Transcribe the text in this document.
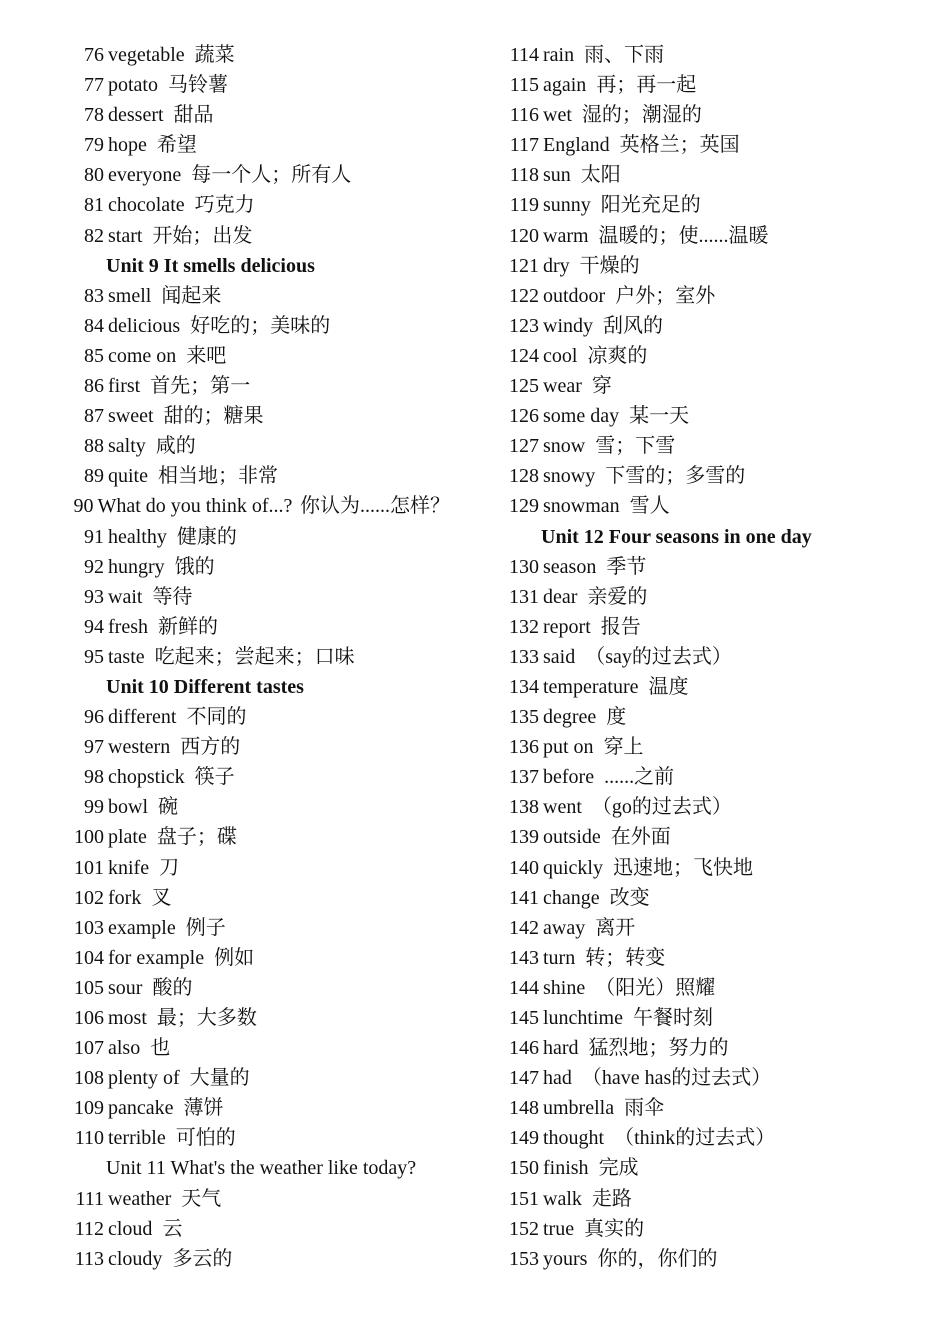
76 vegetable 蔬菜
77 potato 马铃薯
78 dessert 甜品
79 hope 希望
80 everyone 每一个人；所有人
81 chocolate 巧克力
82 start 开始；出发
Unit 9 It smells delicious
83 smell 闻起来
84 delicious 好吃的；美味的
85 come on 来吧
86 first 首先；第一
87 sweet 甜的；糖果
88 salty 咸的
89 quite 相当地；非常
90 What do you think of...? 你认为......怎样？
91 healthy 健康的
92 hungry 饿的
93 wait 等待
94 fresh 新鲜的
95 taste 吃起来；尝起来；口味
Unit 10 Different tastes
96 different 不同的
97 western 西方的
98 chopstick 筷子
99 bowl 碗
100 plate 盘子；碟
101 knife 刀
102 fork 叉
103 example 例子
104 for example 例如
105 sour 酸的
106 most 最；大多数
107 also 也
108 plenty of 大量的
109 pancake 薄饼
110 terrible 可怕的
Unit 11 What's the weather like today?
111 weather 天气
112 cloud 云
113 cloudy 多云的
114 rain 雨、下雨
115 again 再；再一起
116 wet 湿的；潮湿的
117 England 英格兰；英国
118 sun 太阳
119 sunny 阳光充足的
120 warm 温暖的；使......温暖
121 dry 干燥的
122 outdoor 户外；室外
123 windy 刮风的
124 cool 凉爽的
125 wear 穿
126 some day 某一天
127 snow 雪；下雪
128 snowy 下雪的；多雪的
129 snowman 雪人
Unit 12 Four seasons in one day
130 season 季节
131 dear 亲爱的
132 report 报告
133 said （say的过去式）
134 temperature 温度
135 degree 度
136 put on 穿上
137 before ......之前
138 went （go的过去式）
139 outside 在外面
140 quickly 迅速地；飞快地
141 change 改变
142 away 离开
143 turn 转；转变
144 shine （阳光）照耀
145 lunchtime 午餐时刻
146 hard 猛烈地；努力的
147 had （have has的过去式）
148 umbrella 雨伞
149 thought （think的过去式）
150 finish 完成
151 walk 走路
152 true 真实的
153 yours 你的，你们的
